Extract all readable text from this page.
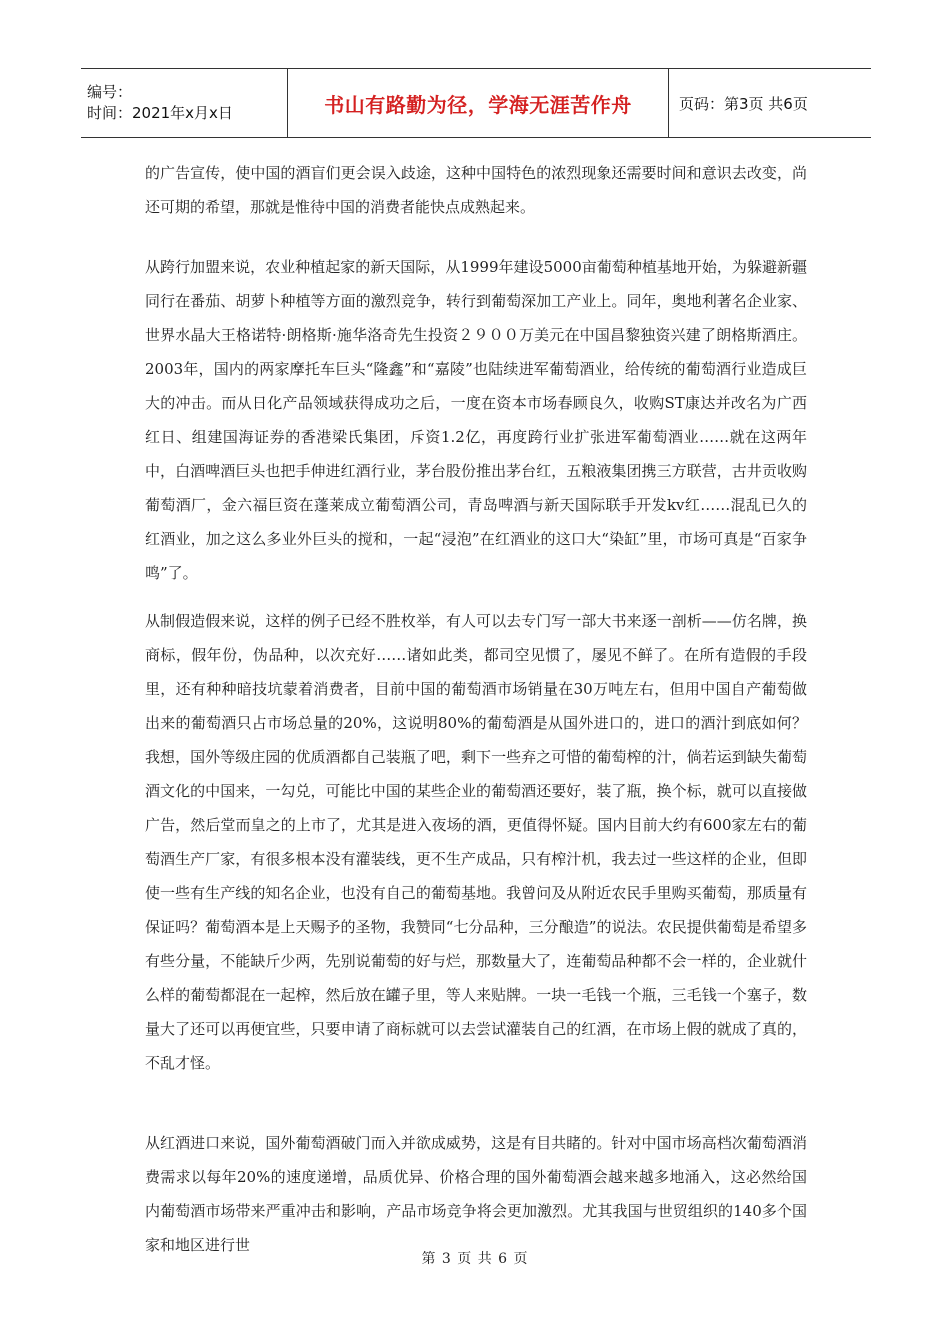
编号：
时间：2021年x月x日	书山有路勤为径，学海无涯苦作舟	页码：第3页 共6页

的广告宣传，使中国的酒盲们更会误入歧途，这种中国特色的浓烈现象还需要时间和意识去改变，尚还可期的希望，那就是惟待中国的消费者能快点成熟起来。

从跨行加盟来说，农业种植起家的新天国际，从1999年建设5000亩葡萄种植基地开始，为躲避新疆同行在番茄、胡萝卜种植等方面的激烈竞争，转行到葡萄深加工产业上。同年，奥地利著名企业家、世界水晶大王格诺特·朗格斯·施华洛奇先生投资２９００万美元在中国昌黎独资兴建了朗格斯酒庄。2003年，国内的两家摩托车巨头“隆鑫”和“嘉陵”也陆续进军葡萄酒业，给传统的葡萄酒行业造成巨大的冲击。而从日化产品领域获得成功之后，一度在资本市场春顾良久，收购ST康达并改名为广西红日、组建国海证券的香港梁氏集团，斥资1.2亿，再度跨行业扩张进军葡萄酒业……就在这两年中，白酒啤酒巨头也把手伸进红酒行业，茅台股份推出茅台红，五粮液集团携三方联营，古井贡收购葡萄酒厂，金六福巨资在蓬莱成立葡萄酒公司，青岛啤酒与新天国际联手开发kv红……混乱已久的红酒业，加之这么多业外巨头的搅和，一起“浸泡”在红酒业的这口大“染缸”里，市场可真是“百家争鸣”了。

从制假造假来说，这样的例子已经不胜枚举，有人可以去专门写一部大书来逐一剖析——仿名牌，换商标，假年份，伪品种，以次充好……诸如此类，都司空见惯了，屡见不鲜了。在所有造假的手段里，还有种种暗技坑蒙着消费者，目前中国的葡萄酒市场销量在30万吨左右，但用中国自产葡萄做出来的葡萄酒只占市场总量的20%，这说明80%的葡萄酒是从国外进口的，进口的酒汁到底如何？我想，国外等级庄园的优质酒都自己装瓶了吧，剩下一些弃之可惜的葡萄榨的汁，倘若运到缺失葡萄酒文化的中国来，一勾兑，可能比中国的某些企业的葡萄酒还要好，装了瓶，换个标，就可以直接做广告，然后堂而皇之的上市了，尤其是进入夜场的酒，更值得怀疑。国内目前大约有600家左右的葡萄酒生产厂家，有很多根本没有灌装线，更不生产成品，只有榨汁机，我去过一些这样的企业，但即使一些有生产线的知名企业，也没有自己的葡萄基地。我曾问及从附近农民手里购买葡萄，那质量有保证吗？葡萄酒本是上天赐予的圣物，我赞同“七分品种，三分酿造”的说法。农民提供葡萄是希望多有些分量，不能缺斤少两，先别说葡萄的好与烂，那数量大了，连葡萄品种都不会一样的，企业就什么样的葡萄都混在一起榨，然后放在罐子里，等人来贴牌。一块一毛钱一个瓶，三毛钱一个塞子，数量大了还可以再便宜些，只要申请了商标就可以去尝试灌装自己的红酒，在市场上假的就成了真的，不乱才怪。

从红酒进口来说，国外葡萄酒破门而入并欲成威势，这是有目共睹的。针对中国市场高档次葡萄酒消费需求以每年20%的速度递增，品质优异、价格合理的国外葡萄酒会越来越多地涌入，这必然给国内葡萄酒市场带来严重冲击和影响，产品市场竞争将会更加激烈。尤其我国与世贸组织的140多个国家和地区进行世

第 3 页 共 6 页
